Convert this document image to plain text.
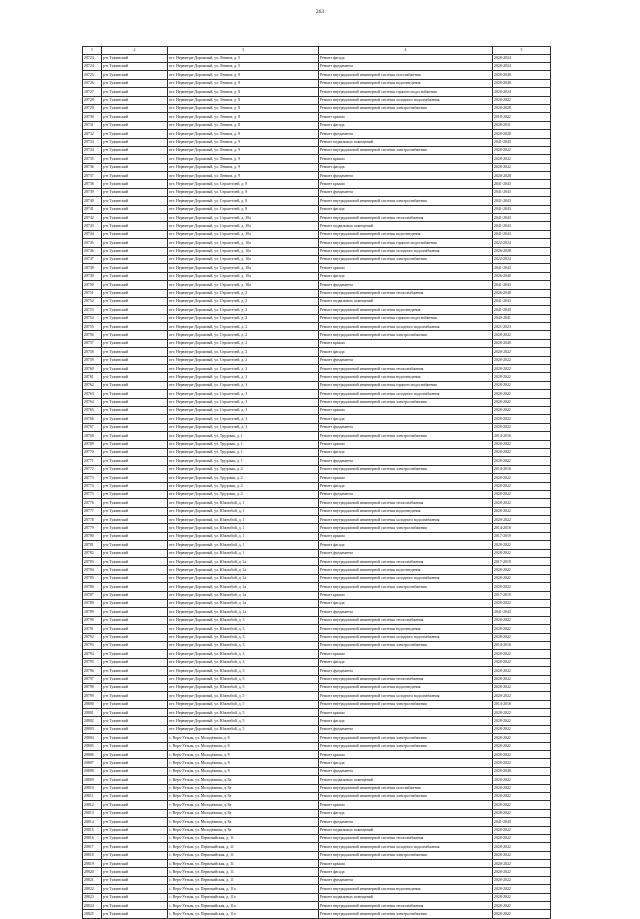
263
1	2	3	4	5
28723	р-н Тужинский	пгт. Нерюнгри-Дорожный, ул. Ленина, д. 5	Ремонт фасада	2020-2024
28724	р-н Тужинский	пгт. Нерюнгри-Дорожный, ул. Ленина, д. 5	Ремонт фундамента	2020-2024
28725	р-н Тужинский	пгт. Нерюнгри-Дорожный, ул. Ленина, д. 8	Ремонт внутридомовой инженерной системы газоснабжения	2020-2040
28726	р-н Тужинский	пгт. Нерюнгри-Дорожный, ул. Ленина, д. 8	Ремонт внутридомовой инженерной системы водоотведения	2020-2040
28727	р-н Тужинский	пгт. Нерюнгри-Дорожный, ул. Ленина, д. 8	Ремонт внутридомовой инженерной системы горячего водоснабжения	2020-2024
28728	р-н Тужинский	пгт. Нерюнгри-Дорожный, ул. Ленина, д. 8	Ремонт внутридомовой инженерной системы холодного водоснабжения	2020-2022
28729	р-н Тужинский	пгт. Нерюнгри-Дорожный, ул. Ленина, д. 8	Ремонт внутридомовой инженерной системы электроснабжения	2020-2028
28730	р-н Тужинский	пгт. Нерюнгри-Дорожный, ул. Ленина, д. 8	Ремонт крыши	2018-2022
28731	р-н Тужинский	пгт. Нерюнгри-Дорожный, ул. Ленина, д. 8	Ремонт фасада	2020-2031
28732	р-н Тужинский	пгт. Нерюнгри-Дорожный, ул. Ленина, д. 8	Ремонт фундамента	2020-2028
28733	р-н Тужинский	пгт. Нерюнгри-Дорожный, ул. Ленина, д. 9	Ремонт подвальных помещений	2041-2043
28734	р-н Тужинский	пгт. Нерюнгри-Дорожный, ул. Ленина, д. 9	Ремонт внутридомовой инженерной системы электроснабжения	2020-2022
28735	р-н Тужинский	пгт. Нерюнгри-Дорожный, ул. Ленина, д. 9	Ремонт крыши	2020-2022
28736	р-н Тужинский	пгт. Нерюнгри-Дорожный, ул. Ленина, д. 9	Ремонт фасада	2020-2022
28737	р-н Тужинский	пгт. Нерюнгри-Дорожный, ул. Ленина, д. 9	Ремонт фундамента	2020-2028
28738	р-н Тужинский	пгт. Нерюнгри-Дорожный, ул. Строителей, д. 8	Ремонт крыши	2041-2043
28739	р-н Тужинский	пгт. Нерюнгри-Дорожный, ул. Строителей, д. 8	Ремонт фундамента	2041-2043
28740	р-н Тужинский	пгт. Нерюнгри-Дорожный, ул. Строителей, д. 8	Ремонт внутридомовой инженерной системы электроснабжения	2041-2043
28741	р-н Тужинский	пгт. Нерюнгри-Дорожный, ул. Строителей, д. 8	Ремонт фасада	2041-2043
28742	р-н Тужинский	пгт. Нерюнгри-Дорожный, ул. Строителей, д. 10а	Ремонт внутридомовой инженерной системы теплоснабжения	2041-2043
28743	р-н Тужинский	пгт. Нерюнгри-Дорожный, ул. Строителей, д. 10а	Ремонт подвальных помещений	2041-2043
28744	р-н Тужинский	пгт. Нерюнгри-Дорожный, ул. Строителей, д. 10а	Ремонт внутридомовой инженерной системы водоотведения	2041-2043
28745	р-н Тужинский	пгт. Нерюнгри-Дорожный, ул. Строителей, д. 10а	Ремонт внутридомовой инженерной системы горячего водоснабжения	2022-2024
28746	р-н Тужинский	пгт. Нерюнгри-Дорожный, ул. Строителей, д. 10а	Ремонт внутридомовой инженерной системы холодного водоснабжения	2026-2028
28747	р-н Тужинский	пгт. Нерюнгри-Дорожный, ул. Строителей, д. 10а	Ремонт внутридомовой инженерной системы электроснабжения	2022-2024
28748	р-н Тужинский	пгт. Нерюнгри-Дорожный, ул. Строителей, д. 10а	Ремонт крыши	2041-2043
28749	р-н Тужинский	пгт. Нерюнгри-Дорожный, ул. Строителей, д. 10а	Ремонт фасада	2026-2040
28750	р-н Тужинский	пгт. Нерюнгри-Дорожный, ул. Строителей, д. 10а	Ремонт фундамента	2041-2043
28751	р-н Тужинский	пгт. Нерюнгри-Дорожный, ул. Строителей, д. 2	Ремонт внутридомовой инженерной системы теплоснабжения	2026-2040
28752	р-н Тужинский	пгт. Нерюнгри-Дорожный, ул. Строителей, д. 2	Ремонт подвальных помещений	2041-2043
28753	р-н Тужинский	пгт. Нерюнгри-Дорожный, ул. Строителей, д. 2	Ремонт внутридомовой инженерной системы водоотведения	2041-2043
28754	р-н Тужинский	пгт. Нерюнгри-Дорожный, ул. Строителей, д. 2	Ремонт внутридомовой инженерной системы горячего водоснабжения	2040-2041
28755	р-н Тужинский	пгт. Нерюнгри-Дорожный, ул. Строителей, д. 2	Ремонт внутридомовой инженерной системы холодного водоснабжения	2021-2023
28756	р-н Тужинский	пгт. Нерюнгри-Дорожный, ул. Строителей, д. 2	Ремонт внутридомовой инженерной системы электроснабжения	2020-2022
28757	р-н Тужинский	пгт. Нерюнгри-Дорожный, ул. Строителей, д. 2	Ремонт крыши	2020-2040
28758	р-н Тужинский	пгт. Нерюнгри-Дорожный, ул. Строителей, д. 2	Ремонт фасада	2020-2022
28759	р-н Тужинский	пгт. Нерюнгри-Дорожный, ул. Строителей, д. 2	Ремонт фундамента	2020-2022
28760	р-н Тужинский	пгт. Нерюнгри-Дорожный, ул. Строителей, д. 3	Ремонт внутридомовой инженерной системы теплоснабжения	2020-2022
28761	р-н Тужинский	пгт. Нерюнгри-Дорожный, ул. Строителей, д. 3	Ремонт внутридомовой инженерной системы водоотведения	2020-2022
28762	р-н Тужинский	пгт. Нерюнгри-Дорожный, ул. Строителей, д. 3	Ремонт внутридомовой инженерной системы горячего водоснабжения	2020-2022
28763	р-н Тужинский	пгт. Нерюнгри-Дорожный, ул. Строителей, д. 3	Ремонт внутридомовой инженерной системы холодного водоснабжения	2020-2022
28764	р-н Тужинский	пгт. Нерюнгри-Дорожный, ул. Строителей, д. 3	Ремонт внутридомовой инженерной системы электроснабжения	2020-2022
28765	р-н Тужинский	пгт. Нерюнгри-Дорожный, ул. Строителей, д. 3	Ремонт крыши	2020-2022
28766	р-н Тужинский	пгт. Нерюнгри-Дорожный, ул. Строителей, д. 3	Ремонт фасада	2020-2022
28767	р-н Тужинский	пгт. Нерюнгри-Дорожный, ул. Строителей, д. 3	Ремонт фундамента	2020-2022
28768	р-н Тужинский	пгт. Нерюнгри-Дорожный, ул. Трудовая, д. 1	Ремонт внутридомовой инженерной системы электроснабжения	2014-2016
28769	р-н Тужинский	пгт. Нерюнгри-Дорожный, ул. Трудовая, д. 1	Ремонт крыши	2020-2022
28770	р-н Тужинский	пгт. Нерюнгри-Дорожный, ул. Трудовая, д. 1	Ремонт фасада	2020-2022
28771	р-н Тужинский	пгт. Нерюнгри-Дорожный, ул. Трудовая, д. 1	Ремонт фундамента	2020-2022
28772	р-н Тужинский	пгт. Нерюнгри-Дорожный, ул. Трудовая, д. 2	Ремонт внутридомовой инженерной системы электроснабжения	2014-2016
28773	р-н Тужинский	пгт. Нерюнгри-Дорожный, ул. Трудовая, д. 2	Ремонт крыши	2020-2022
28774	р-н Тужинский	пгт. Нерюнгри-Дорожный, ул. Трудовая, д. 2	Ремонт фасада	2020-2022
28775	р-н Тужинский	пгт. Нерюнгри-Дорожный, ул. Трудовая, д. 2	Ремонт фундамента	2020-2022
28776	р-н Тужинский	пгт. Нерюнгри-Дорожный, ул. Южнобой, д. 1	Ремонт внутридомовой инженерной системы теплоснабжения	2020-2022
28777	р-н Тужинский	пгт. Нерюнгри-Дорожный, ул. Южнобой, д. 1	Ремонт внутридомовой инженерной системы водоотведения	2020-2022
28778	р-н Тужинский	пгт. Нерюнгри-Дорожный, ул. Южнобой, д. 1	Ремонт внутридомовой инженерной системы холодного водоснабжения	2020-2022
28779	р-н Тужинский	пгт. Нерюнгри-Дорожный, ул. Южнобой, д. 1	Ремонт внутридомовой инженерной системы электроснабжения	2014-2016
28780	р-н Тужинский	пгт. Нерюнгри-Дорожный, ул. Южнобой, д. 1	Ремонт крыши	2017-2019
28781	р-н Тужинский	пгт. Нерюнгри-Дорожный, ул. Южнобой, д. 1	Ремонт фасада	2020-2022
28782	р-н Тужинский	пгт. Нерюнгри-Дорожный, ул. Южнобой, д. 1	Ремонт фундамента	2020-2022
28783	р-н Тужинский	пгт. Нерюнгри-Дорожный, ул. Южнобой, д. 1а	Ремонт внутридомовой инженерной системы теплоснабжения	2017-2019
28784	р-н Тужинский	пгт. Нерюнгри-Дорожный, ул. Южнобой, д. 1а	Ремонт внутридомовой инженерной системы водоотведения	2020-2022
28785	р-н Тужинский	пгт. Нерюнгри-Дорожный, ул. Южнобой, д. 1а	Ремонт внутридомовой инженерной системы холодного водоснабжения	2020-2022
28786	р-н Тужинский	пгт. Нерюнгри-Дорожный, ул. Южнобой, д. 1а	Ремонт внутридомовой инженерной системы электроснабжения	2020-2022
28787	р-н Тужинский	пгт. Нерюнгри-Дорожный, ул. Южнобой, д. 1а	Ремонт крыши	2017-2019
28788	р-н Тужинский	пгт. Нерюнгри-Дорожный, ул. Южнобой, д. 1а	Ремонт фасада	2020-2022
28789	р-н Тужинский	пгт. Нерюнгри-Дорожный, ул. Южнобой, д. 1а	Ремонт фундамента	2041-2043
28790	р-н Тужинский	пгт. Нерюнгри-Дорожный, ул. Южнобой, д. 3	Ремонт внутридомовой инженерной системы теплоснабжения	2020-2022
28791	р-н Тужинский	пгт. Нерюнгри-Дорожный, ул. Южнобой, д. 3	Ремонт внутридомовой инженерной системы водоотведения	2020-2022
28792	р-н Тужинский	пгт. Нерюнгри-Дорожный, ул. Южнобой, д. 3	Ремонт внутридомовой инженерной системы холодного водоснабжения	2020-2022
28793	р-н Тужинский	пгт. Нерюнгри-Дорожный, ул. Южнобой, д. 3	Ремонт внутридомовой инженерной системы электроснабжения	2014-2016
28794	р-н Тужинский	пгт. Нерюнгри-Дорожный, ул. Южнобой, д. 3	Ремонт крыши	2020-2022
28795	р-н Тужинский	пгт. Нерюнгри-Дорожный, ул. Южнобой, д. 3	Ремонт фасада	2020-2022
28796	р-н Тужинский	пгт. Нерюнгри-Дорожный, ул. Южнобой, д. 3	Ремонт фундамента	2020-2022
28797	р-н Тужинский	пгт. Нерюнгри-Дорожный, ул. Южнобой, д. 5	Ремонт внутридомовой инженерной системы теплоснабжения	2020-2022
28798	р-н Тужинский	пгт. Нерюнгри-Дорожный, ул. Южнобой, д. 5	Ремонт внутридомовой инженерной системы водоотведения	2020-2022
28799	р-н Тужинский	пгт. Нерюнгри-Дорожный, ул. Южнобой, д. 5	Ремонт внутридомовой инженерной системы холодного водоснабжения	2020-2022
28800	р-н Тужинский	пгт. Нерюнгри-Дорожный, ул. Южнобой, д. 5	Ремонт внутридомовой инженерной системы электроснабжения	2014-2016
28801	р-н Тужинский	пгт. Нерюнгри-Дорожный, ул. Южнобой, д. 5	Ремонт крыши	2020-2022
28802	р-н Тужинский	пгт. Нерюнгри-Дорожный, ул. Южнобой, д. 5	Ремонт фасада	2020-2022
28803	р-н Тужинский	пгт. Нерюнгри-Дорожный, ул. Южнобой, д. 5	Ремонт фундамента	2020-2022
28804	р-н Тужинский	с. Верх-Ухтым, ул. Молодёжная, д. 8	Ремонт внутридомовой инженерной системы электроснабжения	2020-2022
28805	р-н Тужинский	с. Верх-Ухтым, ул. Молодёжная, д. 8	Ремонт внутридомовой инженерной системы электроснабжения	2020-2022
28806	р-н Тужинский	с. Верх-Ухтым, ул. Молодёжная, д. 8	Ремонт крыши	2020-2022
28807	р-н Тужинский	с. Верх-Ухтым, ул. Молодёжная, д. 8	Ремонт фасада	2020-2022
28808	р-н Тужинский	с. Верх-Ухтым, ул. Молодёжная, д. 8	Ремонт фундамента	2020-2040
28809	р-н Тужинский	с. Верх-Ухтым, ул. Молодёжная, д. 8а	Ремонт подвальных помещений	2020-2022
28810	р-н Тужинский	с. Верх-Ухтым, ул. Молодёжная, д. 8а	Ремонт внутридомовой инженерной системы газоснабжения	2020-2022
28811	р-н Тужинский	с. Верх-Ухтым, ул. Молодёжная, д. 8а	Ремонт внутридомовой инженерной системы электроснабжения	2020-2022
28812	р-н Тужинский	с. Верх-Ухтым, ул. Молодёжная, д. 8а	Ремонт крыши	2020-2022
28813	р-н Тужинский	с. Верх-Ухтым, ул. Молодёжная, д. 8а	Ремонт фасада	2020-2022
28814	р-н Тужинский	с. Верх-Ухтым, ул. Молодёжная, д. 8а	Ремонт фундамента	2041-2043
28815	р-н Тужинский	с. Верх-Ухтым, ул. Молодёжная, д. 8а	Ремонт подвальных помещений	2020-2022
28816	р-н Тужинский	с. Верх-Ухтым, ул. Первомайская, д. 11	Ремонт внутридомовой инженерной системы теплоснабжения	2020-2022
28817	р-н Тужинский	с. Верх-Ухтым, ул. Первомайская, д. 11	Ремонт внутридомовой инженерной системы холодного водоснабжения	2020-2022
28818	р-н Тужинский	с. Верх-Ухтым, ул. Первомайская, д. 11	Ремонт внутридомовой инженерной системы электроснабжения	2020-2022
28819	р-н Тужинский	с. Верх-Ухтым, ул. Первомайская, д. 11	Ремонт крыши	2020-2022
28820	р-н Тужинский	с. Верх-Ухтым, ул. Первомайская, д. 11	Ремонт фасада	2020-2022
28821	р-н Тужинский	с. Верх-Ухтым, ул. Первомайская, д. 11	Ремонт фундамента	2020-2022
28822	р-н Тужинский	с. Верх-Ухтым, ул. Первомайская, д. 11а	Ремонт внутридомовой инженерной системы водоотведения	2020-2022
28823	р-н Тужинский	с. Верх-Ухтым, ул. Первомайская, д. 11а	Ремонт подвальных помещений	2020-2022
28824	р-н Тужинский	с. Верх-Ухтым, ул. Первомайская, д. 11а	Ремонт внутридомовой инженерной системы теплоснабжения	2020-2022
28825	р-н Тужинский	с. Верх-Ухтым, ул. Первомайская, д. 11а	Ремонт внутридомовой инженерной системы электроснабжения	2020-2022
